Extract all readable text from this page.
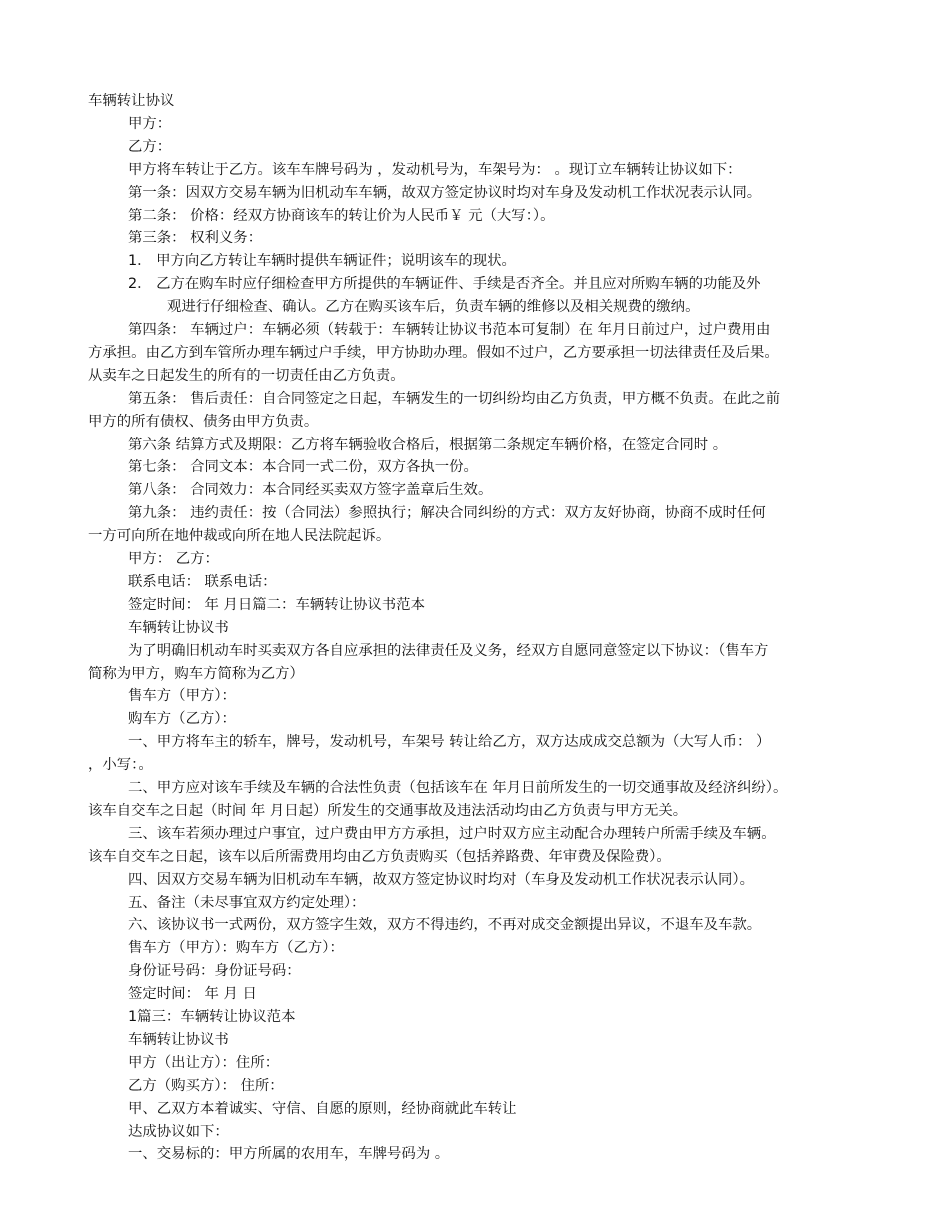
车辆转让协议
甲方：
乙方：
甲方将车转让于乙方。该车车牌号码为 ，发动机号为，车架号为： 。现订立车辆转让协议如下：
第一条：因双方交易车辆为旧机动车车辆，故双方签定协议时均对车身及发动机工作状况表示认同。
第二条： 价格：经双方协商该车的转让价为人民币￥ 元（大写：）。
第三条： 权利义务：
1． 甲方向乙方转让车辆时提供车辆证件；说明该车的现状。
2． 乙方在购车时应仔细检查甲方所提供的车辆证件、手续是否齐全。并且应对所购车辆的功能及外
观进行仔细检查、确认。乙方在购买该车后，负责车辆的维修以及相关规费的缴纳。
第四条： 车辆过户：车辆必须（转载于：车辆转让协议书范本可复制）在 年月日前过户，过户费用由
方承担。由乙方到车管所办理车辆过户手续，甲方协助办理。假如不过户，乙方要承担一切法律责任及后果。
从卖车之日起发生的所有的一切责任由乙方负责。
第五条： 售后责任：自合同签定之日起，车辆发生的一切纠纷均由乙方负责，甲方概不负责。在此之前
甲方的所有债权、债务由甲方负责。
第六条 结算方式及期限：乙方将车辆验收合格后，根据第二条规定车辆价格，在签定合同时 。
第七条： 合同文本：本合同一式二份，双方各执一份。
第八条： 合同效力：本合同经买卖双方签字盖章后生效。
第九条： 违约责任：按（合同法）参照执行；解决合同纠纷的方式：双方友好协商，协商不成时任何
一方可向所在地仲裁或向所在地人民法院起诉。
甲方： 乙方：
联系电话： 联系电话：
签定时间： 年 月日篇二：车辆转让协议书范本
车辆转让协议书
为了明确旧机动车时买卖双方各自应承担的法律责任及义务，经双方自愿同意签定以下协议：（售车方
简称为甲方，购车方简称为乙方）
售车方（甲方）：
购车方（乙方）：
一、甲方将车主的轿车，牌号，发动机号，车架号 转让给乙方，双方达成成交总额为（大写人币： ）
，小写：。
二、甲方应对该车手续及车辆的合法性负责（包括该车在 年月日前所发生的一切交通事故及经济纠纷）。
该车自交车之日起（时间 年 月日起）所发生的交通事故及违法活动均由乙方负责与甲方无关。
三、该车若须办理过户事宜，过户费由甲方方承担，过户时双方应主动配合办理转户所需手续及车辆。
该车自交车之日起，该车以后所需费用均由乙方负责购买（包括养路费、年审费及保险费）。
四、因双方交易车辆为旧机动车车辆，故双方签定协议时均对（车身及发动机工作状况表示认同）。
五、备注（未尽事宜双方约定处理）：
六、该协议书一式两份，双方签字生效，双方不得违约，不再对成交金额提出异议，不退车及车款。
售车方（甲方）：购车方（乙方）：
身份证号码：身份证号码：
签定时间： 年 月 日
1篇三：车辆转让协议范本
车辆转让协议书
甲方（出让方）：住所：
乙方（购买方）： 住所：
甲、乙双方本着诚实、守信、自愿的原则，经协商就此车转让
达成协议如下：
一、交易标的：甲方所属的农用车，车牌号码为 。
